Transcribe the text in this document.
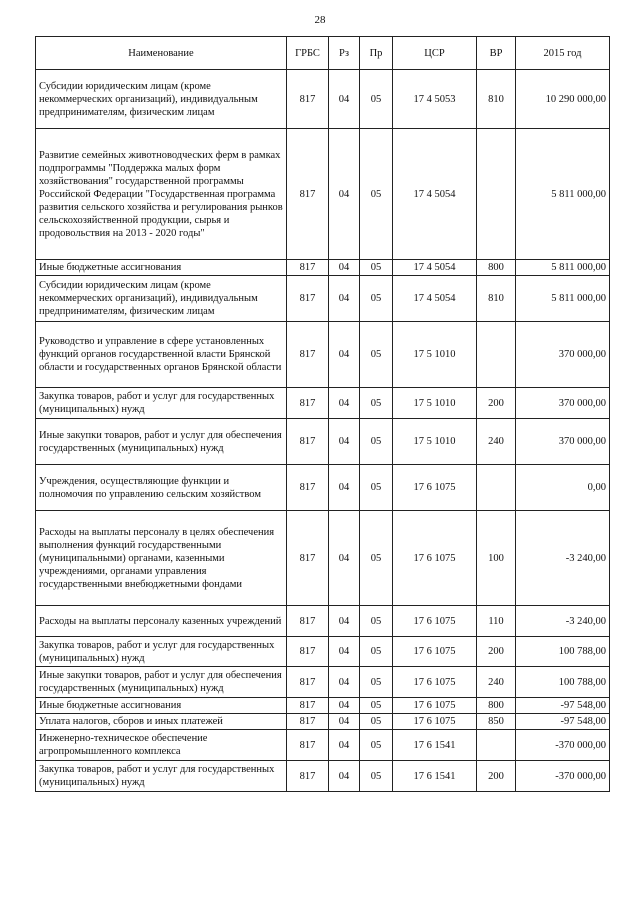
28
Наименование	ГРБС	Рз	Пр	ЦСР	ВР	2015 год
Субсидии юридическим лицам (кроме некоммерческих организаций), индивидуальным предпринимателям, физическим лицам	817	04	05	17 4 5053	810	10 290 000,00
Развитие семейных животноводческих ферм в рамках подпрограммы "Поддержка малых форм хозяйствования" государственной программы Российской Федерации "Государственная программа развития сельского хозяйства и регулирования рынков сельскохозяйственной продукции, сырья и продовольствия на 2013 - 2020 годы"	817	04	05	17 4 5054		5 811 000,00
Иные бюджетные ассигнования	817	04	05	17 4 5054	800	5 811 000,00
Субсидии юридическим лицам (кроме некоммерческих организаций), индивидуальным предпринимателям, физическим лицам	817	04	05	17 4 5054	810	5 811 000,00
Руководство и управление в сфере установленных функций органов государственной власти Брянской области и государственных органов Брянской области	817	04	05	17 5 1010		370 000,00
Закупка товаров, работ и услуг для государственных (муниципальных) нужд	817	04	05	17 5 1010	200	370 000,00
Иные закупки товаров, работ и услуг для обеспечения государственных (муниципальных) нужд	817	04	05	17 5 1010	240	370 000,00
Учреждения, осуществляющие функции и полномочия по управлению сельским хозяйством	817	04	05	17 6 1075		0,00
Расходы на выплаты персоналу в целях обеспечения выполнения функций государственными (муниципальными) органами, казенными учреждениями, органами управления государственными внебюджетными фондами	817	04	05	17 6 1075	100	-3 240,00
Расходы на выплаты персоналу казенных учреждений	817	04	05	17 6 1075	110	-3 240,00
Закупка товаров, работ и услуг для государственных (муниципальных) нужд	817	04	05	17 6 1075	200	100 788,00
Иные закупки товаров, работ и услуг для обеспечения государственных (муниципальных) нужд	817	04	05	17 6 1075	240	100 788,00
Иные бюджетные ассигнования	817	04	05	17 6 1075	800	-97 548,00
Уплата налогов, сборов и иных платежей	817	04	05	17 6 1075	850	-97 548,00
Инженерно-техническое обеспечение агропромышленного комплекса	817	04	05	17 6 1541		-370 000,00
Закупка товаров, работ и услуг для государственных (муниципальных) нужд	817	04	05	17 6 1541	200	-370 000,00
